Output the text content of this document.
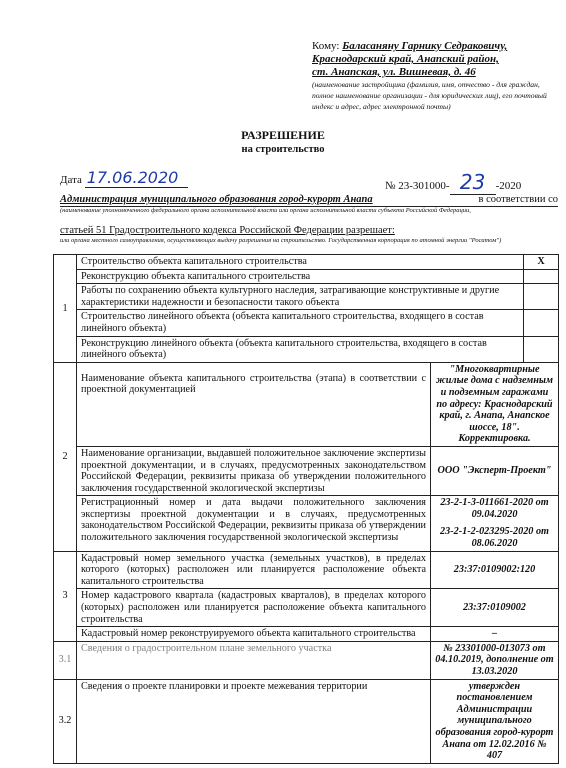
Кому: Баласаняну Гарнику Седраковичу,
Краснодарский край, Анапский район,
ст. Анапская, ул. Вишневая, д. 46
(наименование застройщика (фамилия, имя, отчество - для граждан, полное наименование организации - для юридических лиц), его почтовый индекс и адрес, адрес электронной почты)
РАЗРЕШЕНИЕ
на строительство
Дата 17.06.2020	№ 23-301000- 23 -2020
Администрация муниципального образования город-курорт Анапа	в соответствии со
(наименование уполномоченного федерального органа исполнительной власти или органа исполнительной власти субъекта Российской Федерации,
статьей 51 Градостроительного кодекса Российской Федерации разрешает:
или органа местного самоуправления, осуществляющих выдачу разрешения на строительство. Государственная корпорация по атомной энергии "Росатом")
1	Строительство объекта капитального строительства		X
	Реконструкцию объекта капитального строительства		
	Работы по сохранению объекта культурного наследия, затрагивающие конструктивные и другие характеристики надежности и безопасности такого объекта		
	Строительство линейного объекта (объекта капитального строительства, входящего в состав линейного объекта)		
	Реконструкцию линейного объекта (объекта капитального строительства, входящего в состав линейного объекта)		
2	Наименование объекта капитального строительства (этапа) в соответствии с проектной документацией	"Многоквартирные жилые дома с надземным и подземным гаражами по адресу: Краснодарский край, г. Анапа, Анапское шоссе, 18". Корректировка.	
	Наименование организации, выдавшей положительное заключение экспертизы проектной документации, и в случаях, предусмотренных законодательством Российской Федерации, реквизиты приказа об утверждении положительного заключения государственной экологической экспертизы	ООО "Эксперт-Проект"	
	Регистрационный номер и дата выдачи положительного заключения экспертизы проектной документации и в случаях, предусмотренных законодательством Российской Федерации, реквизиты приказа об утверждении положительного заключения государственной экологической экспертизы	23-2-1-3-011661-2020 от 09.04.2020
23-2-1-2-023295-2020 от 08.06.2020	

3	Кадастровый номер земельного участка (земельных участков), в пределах которого (которых) расположен или планируется расположение объекта капитального строительства	23:37:0109002:120	
	Номер кадастрового квартала (кадастровых кварталов), в пределах которого (которых) расположен или планируется расположение объекта капитального строительства	23:37:0109002	
	Кадастровый номер реконструируемого объекта капитального строительства	–	
3.1	Сведения о градостроительном плане земельного участка	№ 23301000-013073 от 04.10.2019, дополнение от 13.03.2020	
3.2	Сведения о проекте планировки и проекте межевания территории	утвержден постановлением Администрации муниципального образования город-курорт Анапа от 12.02.2016 № 407	
